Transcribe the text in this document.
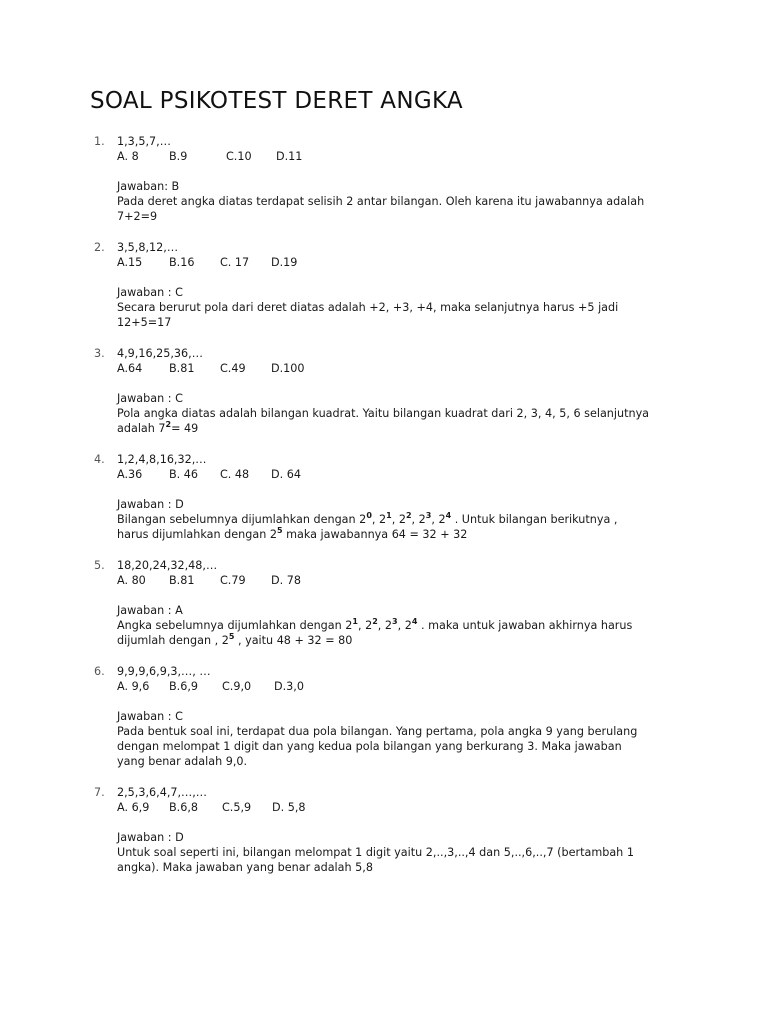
SOAL PSIKOTEST DERET ANGKA
1. 1,3,5,7,…
A. 8	B.9	C.10 D.11
Jawaban: B
Pada deret angka diatas terdapat selisih 2 antar bilangan. Oleh karena itu jawabannya adalah 7+2=9
2. 3,5,8,12,…
A.15 B.16 C. 17 D.19
Jawaban : C
Secara berurut pola dari deret diatas adalah +2, +3, +4, maka selanjutnya harus +5 jadi 12+5=17
3. 4,9,16,25,36,…
A.64 B.81 C.49 D.100
Jawaban : C
Pola angka diatas adalah bilangan kuadrat. Yaitu bilangan kuadrat dari 2, 3, 4, 5, 6 selanjutnya adalah $7^2= 49$
4. 1,2,4,8,16,32,…
A.36 B. 46 C. 48 D. 64
Jawaban : D
Bilangan sebelumnya dijumlahkan dengan $2^0$, $2^1$, $2^2$, $2^3$, $2^4$ . Untuk bilangan berikutnya , harus dijumlahkan dengan $2^5$ maka jawabannya 64 = 32 + 32
5. 18,20,24,32,48,…
A. 80 B.81 C.79 D. 78
Jawaban : A
Angka sebelumnya dijumlahkan dengan $2^1$, $2^2$, $2^3$, $2^4$ . maka untuk jawaban akhirnya harus dijumlah dengan , $2^5$ , yaitu 48 + 32 = 80
6. 9,9,9,6,9,3,…, …
A. 9,6 B.6,9 C.9,0 D.3,0
Jawaban : C
Pada bentuk soal ini, terdapat dua pola bilangan. Yang pertama, pola angka 9 yang berulang dengan melompat 1 digit dan yang kedua pola bilangan yang berkurang 3. Maka jawaban yang benar adalah 9,0.
7. 2,5,3,6,4,7,…,…
A. 6,9 B.6,8 C.5,9 D. 5,8
Jawaban : D
Untuk soal seperti ini, bilangan melompat 1 digit yaitu 2,..,3,..,4 dan 5,..,6,..,7 (bertambah 1 angka). Maka jawaban yang benar adalah 5,8
